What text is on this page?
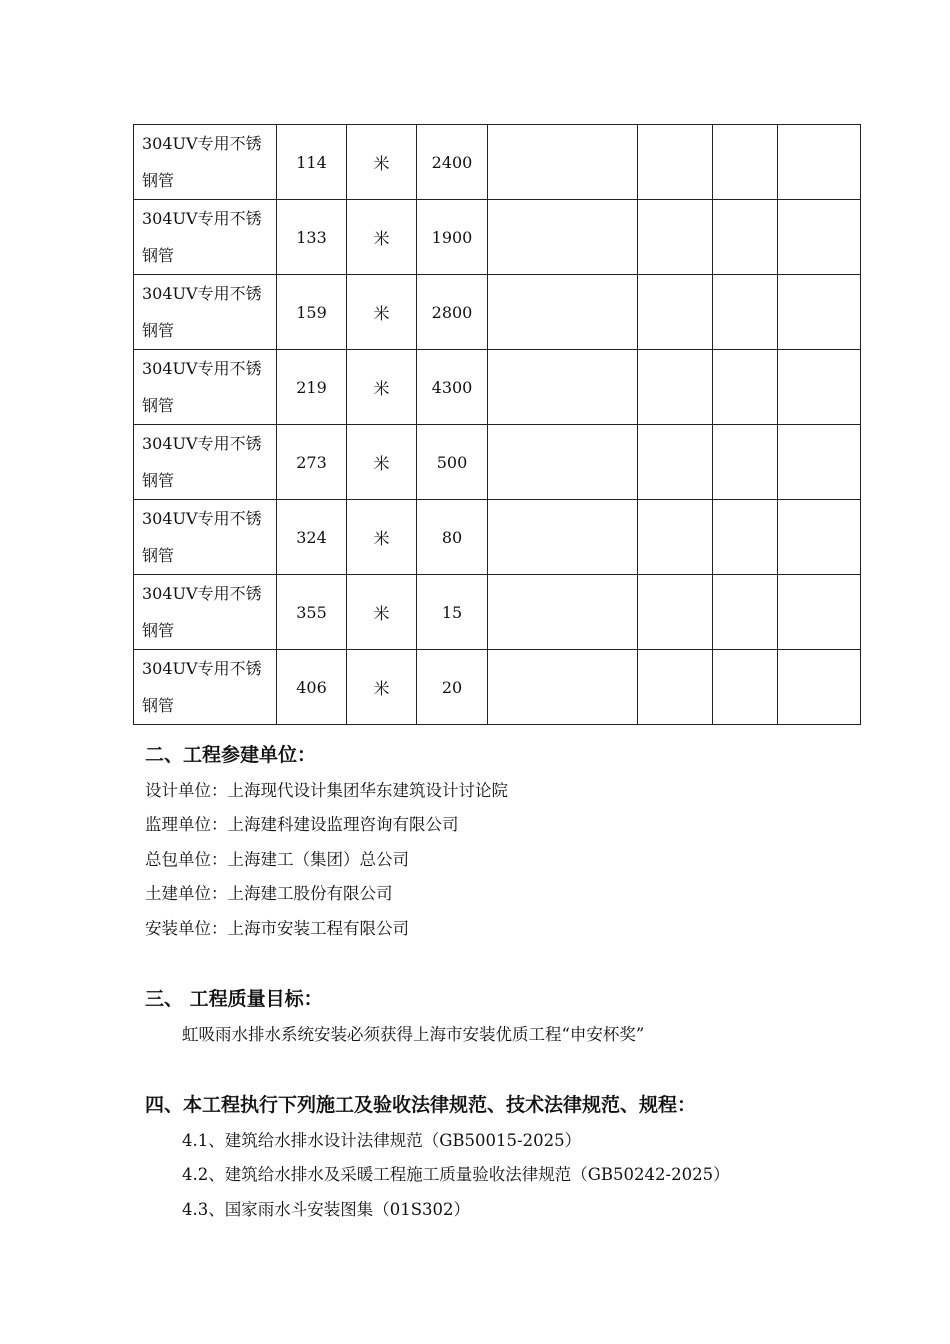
304UV专用不锈钢管	114	米	2400				
304UV专用不锈钢管	133	米	1900				
304UV专用不锈钢管	159	米	2800				
304UV专用不锈钢管	219	米	4300				
304UV专用不锈钢管	273	米	500				
304UV专用不锈钢管	324	米	80				
304UV专用不锈钢管	355	米	15				
304UV专用不锈钢管	406	米	20				
二、工程参建单位：
设计单位：上海现代设计集团华东建筑设计讨论院
监理单位：上海建科建设监理咨询有限公司
总包单位：上海建工（集团）总公司
土建单位：上海建工股份有限公司
安装单位：上海市安装工程有限公司
三、 工程质量目标：
虹吸雨水排水系统安装必须获得上海市安装优质工程“申安杯奖”
四、本工程执行下列施工及验收法律规范、技术法律规范、规程：
4.1、建筑给水排水设计法律规范（GB50015-2025）
4.2、建筑给水排水及采暖工程施工质量验收法律规范（GB50242-2025）
4.3、国家雨水斗安装图集（01S302）
